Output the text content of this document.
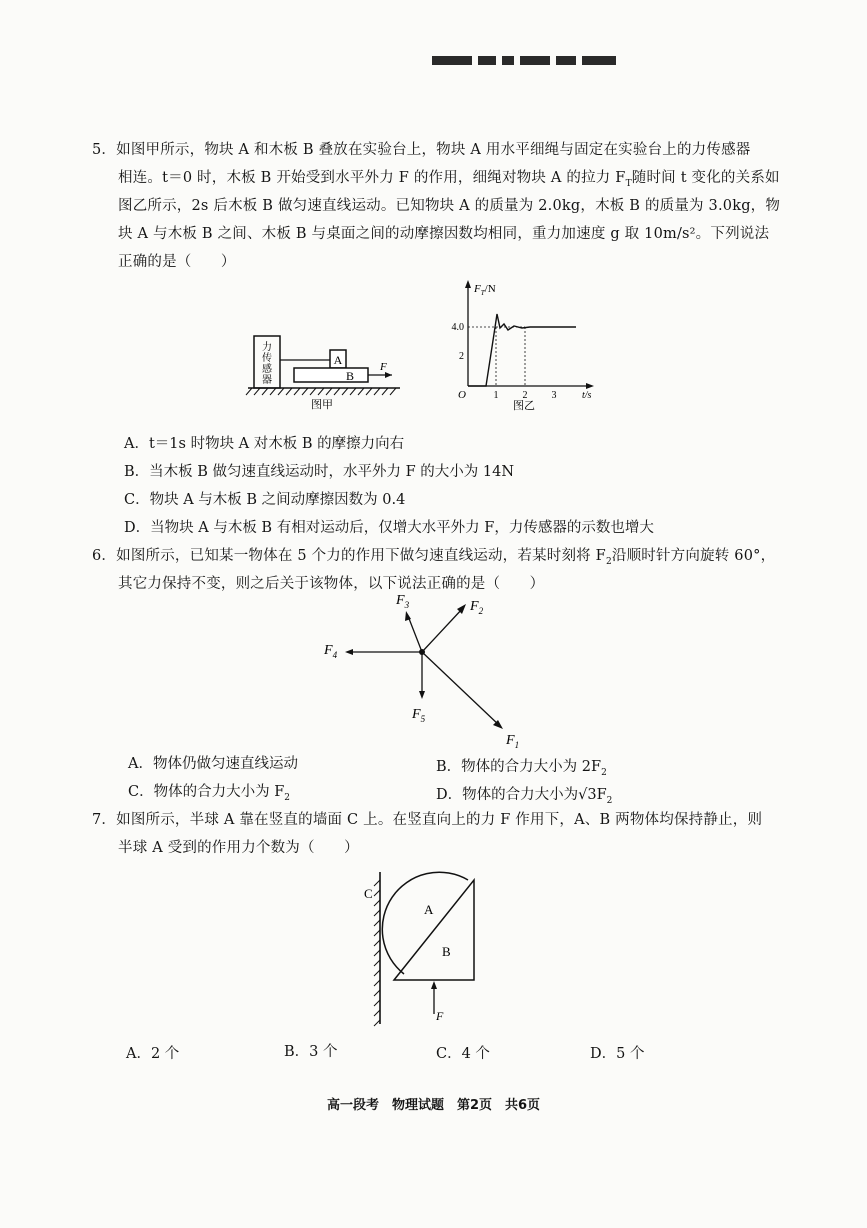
5．如图甲所示，物块 A 和木板 B 叠放在实验台上，物块 A 用水平细绳与固定在实验台上的力传感器
相连。t＝0 时，木板 B 开始受到水平外力 F 的作用，细绳对物块 A 的拉力 $F_T$随时间 t 变化的关系如
图乙所示，2s 后木板 B 做匀速直线运动。已知物块 A 的质量为 2.0kg，木板 B 的质量为 3.0kg，物
块 A 与木板 B 之间、木板 B 与桌面之间的动摩擦因数均相同，重力加速度 g 取 10m/s²。下列说法
正确的是（　　）
力
传
感
器
A
B
F
图甲
$F_T/N$
4.0
2
O	1 2 3	t/s
图乙
A．t＝1s 时物块 A 对木板 B 的摩擦力向右
B．当木板 B 做匀速直线运动时，水平外力 F 的大小为 14N
C．物块 A 与木板 B 之间动摩擦因数为 0.4
D．当物块 A 与木板 B 有相对运动后，仅增大水平外力 F，力传感器的示数也增大
6．如图所示，已知某一物体在 5 个力的作用下做匀速直线运动，若某时刻将 $F_2$沿顺时针方向旋转 60°，
其它力保持不变，则之后关于该物体，以下说法正确的是（　　）
$F_1$
$F_2$
$F_3$
$F_4$
$F_5$
A．物体仍做匀速直线运动	B．物体的合力大小为 $2F_2$
C．物体的合力大小为 $F_2$	D．物体的合力大小为$√3F_2$
7．如图所示，半球 A 靠在竖直的墙面 C 上。在竖直向上的力 F 作用下，A、B 两物体均保持静止，则
半球 A 受到的作用力个数为（　　）
C
A
B
F
A．2 个	B．3 个	C．4 个	D．5 个
高一段考　物理试题　第2页　共6页
